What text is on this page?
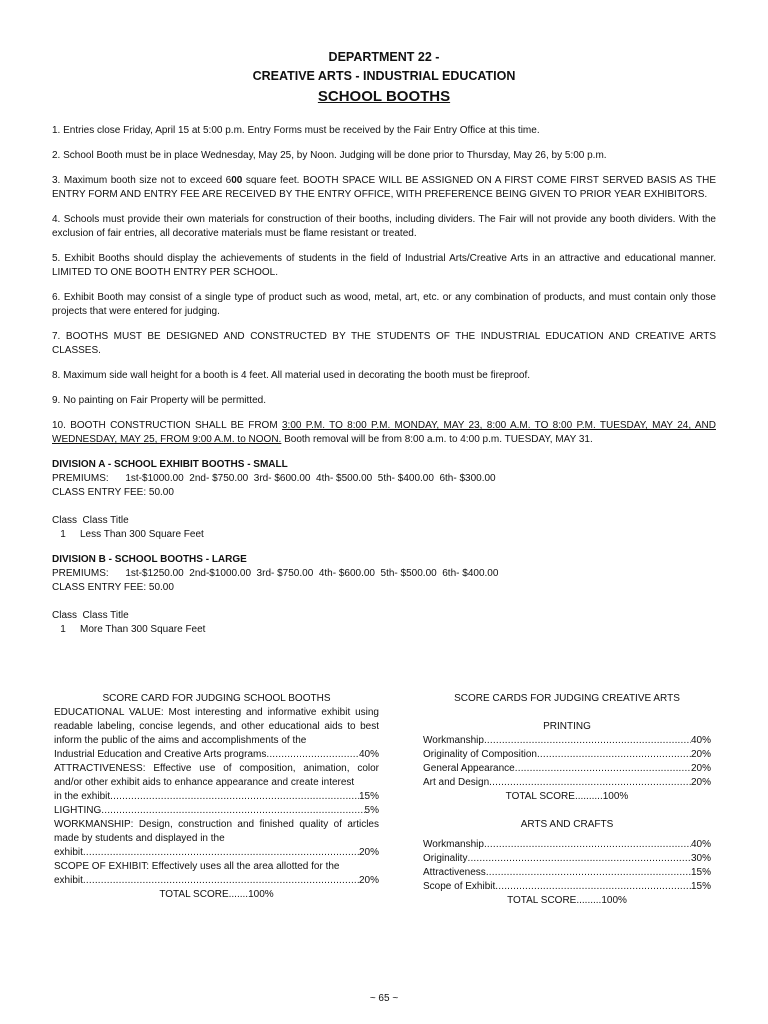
DEPARTMENT 22 -
CREATIVE ARTS - INDUSTRIAL EDUCATION
SCHOOL BOOTHS

1. Entries close Friday, April 15 at 5:00 p.m. Entry Forms must be received by the Fair Entry Office at this time.

2. School Booth must be in place Wednesday, May 25, by Noon. Judging will be done prior to Thursday, May 26, by 5:00 p.m.

3. Maximum booth size not to exceed 600 square feet. BOOTH SPACE WILL BE ASSIGNED ON A FIRST COME FIRST SERVED BASIS AS THE ENTRY FORM AND ENTRY FEE ARE RECEIVED BY THE ENTRY OFFICE, WITH PREFERENCE BEING GIVEN TO PRIOR YEAR EXHIBITORS.

4. Schools must provide their own materials for construction of their booths, including dividers. The Fair will not provide any booth dividers. With the exclusion of fair entries, all decorative materials must be flame resistant or treated.

5. Exhibit Booths should display the achievements of students in the field of Industrial Arts/Creative Arts in an attractive and educational manner. LIMITED TO ONE BOOTH ENTRY PER SCHOOL.

6. Exhibit Booth may consist of a single type of product such as wood, metal, art, etc. or any combination of products, and must contain only those projects that were entered for judging.

7. BOOTHS MUST BE DESIGNED AND CONSTRUCTED BY THE STUDENTS OF THE INDUSTRIAL EDUCATION AND CREATIVE ARTS CLASSES.

8. Maximum side wall height for a booth is 4 feet. All material used in decorating the booth must be fireproof.

9. No painting on Fair Property will be permitted.

10. BOOTH CONSTRUCTION SHALL BE FROM 3:00 P.M. TO 8:00 P.M. MONDAY, MAY 23, 8:00 A.M. TO 8:00 P.M. TUESDAY, MAY 24, AND WEDNESDAY, MAY 25, FROM 9:00 A.M. to NOON. Booth removal will be from 8:00 a.m. to 4:00 p.m. TUESDAY, MAY 31.

DIVISION A - SCHOOL EXHIBIT BOOTHS - SMALL

PREMIUMS:      1st-$1000.00  2nd- $750.00  3rd- $600.00  4th- $500.00  5th- $400.00  6th- $300.00

CLASS ENTRY FEE: 50.00

Class  Class Title

1 Less Than 300 Square Feet

DIVISION B - SCHOOL BOOTHS - LARGE

PREMIUMS:      1st-$1250.00  2nd-$1000.00  3rd- $750.00  4th- $600.00  5th- $500.00  6th- $400.00

CLASS ENTRY FEE: 50.00

Class  Class Title

1 More Than 300 Square Feet

SCORE CARD FOR JUDGING SCHOOL BOOTHS

EDUCATIONAL VALUE: Most interesting and informative exhibit using readable labeling, concise legends, and other educational aids to best inform the public of the aims and accomplishments of the

Industrial Education and Creative Arts programs .....	40%

ATTRACTIVENESS: Effective use of composition, animation, color and/or other exhibit aids to enhance appearance and create interest

in the exhibit .....	15%
LIGHTING .....	5%

WORKMANSHIP: Design, construction and finished quality of articles made by students and displayed in the

exhibit .....	20%

SCOPE OF EXHIBIT: Effectively uses all the area allotted for the

exhibit .....	20%

TOTAL SCORE.......100%

SCORE CARDS FOR JUDGING CREATIVE ARTS

PRINTING

Workmanship .....	40%
Originality of Composition .....	20%
General Appearance .....	20%
Art and Design .....	20%

TOTAL SCORE..........100%

ARTS AND CRAFTS

Workmanship .....	40%
Originality .....	30%
Attractiveness .....	15%
Scope of Exhibit .....	15%

TOTAL SCORE.........100%

~ 65 ~
